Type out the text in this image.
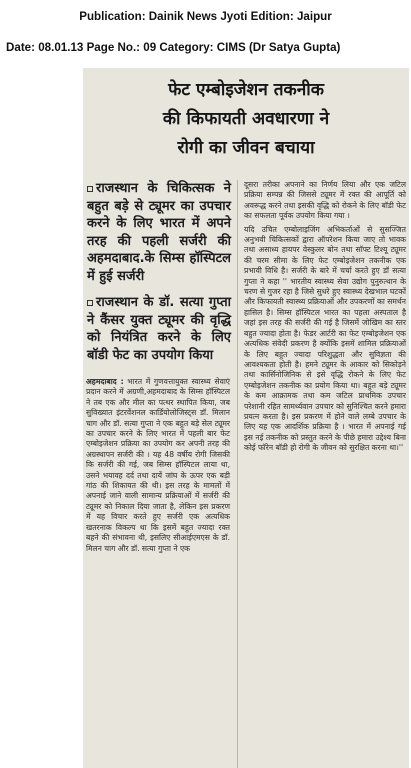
Publication: Dainik News Jyoti Edition: Jaipur
Date: 08.01.13 Page No.: 09 Category: CIMS (Dr Satya Gupta)
फेट एम्बोइजेशन तकनीक
की किफायती अवधारणा ने
रोगी का जीवन बचाया
राजस्थान के चिकित्सक ने बहुत बड़े से ट्यूमर का उपचार करने के लिए भारत में अपने तरह की पहली सर्जरी की अहमदाबाद.के सिम्स हॉस्पिटल में हुई सर्जरी
राजस्थान के डॉ. सत्या गुप्ता ने कैंसर युक्त ट्यूमर की वृद्धि को नियंत्रित करने के लिए बॉडी फेट का उपयोग किया
अहमदाबाद : भारत में गुणवत्तायुक्त स्वास्थ्य सेवाएं प्रदान करने में अग्रणी,अहमदाबाद के सिम्स हॉस्पिटल ने तब एक और मील का पत्थर स्थापित किया, जब सुविख्यात इंटरवेंशनल कार्डियोलोजिस्ट्स डॉ. मिलान चाग और डॉ. सत्या गुप्ता ने एक बहुत बड़े सेल ट्यूमर का उपचार करने के लिए भारत में पहली बार फेट एम्बोइजेशन प्रक्रिया का उपयोग कर अपनी तरह की अग्रस्थापन सर्जरी की । यह 48 वर्षीय रोगी जिसकी कि सर्जरी की गई, जब सिम्स हॉस्पिटल लाया था, उसने भयावह दर्द तथा दायें जांघ के ऊपर एक बड़ी गांठ की शिकायत की थी। इस तरह के मामलों में अपनाई जाने वाली सामान्य प्रक्रियाओं में सर्जरी की ट्यूमर को निकाल दिया जाता है, लेकिन इस प्रकरण में यह विचार करते हुए सर्जरी एक अत्यधिक खतरनाक विकल्प था कि इसमें बहुत ज्यादा रक्त बहने की संभावना थी, इसलिए सीआईएमएस के डॉ. मिलन चाग और डॉ. सत्या गुप्ता ने एक

दूसरा तरीका अपनाने का निर्णय लिया और एक जटिल प्रक्रिया सम्पन्न की जिससे ट्यूमर में रक्त की आपूर्ति को अवरूद्ध करने तथा इसकी वृद्धि को रोकने के लिए बॉडी फेट का सफलता पूर्वक उपयोग किया गया ।

यदि उचित एम्बोलाइजिंग अभिकर्ताओं से सुसज्जित अनुभवी चिकित्सकों द्वारा ऑपरेशन किया जाए तो भावक तथा असाध्य हायपर वेस्कुलर बोन तथा सॉफ्ट टिश्यू ट्यूमर की चरम सीमा के लिए फेट एम्बोइजेशन तकनीक एक प्रभावी विधि है। सर्जरी के बारे में चर्चा करते हुए डॉ सत्या गुप्ता ने कहा '' भारतीय स्वास्थ्य सेवा उद्योग पुनुरुत्थान के चरण से गुजर रहा है जिसे सुधरे हुए स्वास्थ्य देखभाल घटकों और किफायती स्वास्थ्य प्रक्रियाओं और उपकरणों का समर्थन हासिल है। सिम्स हॉस्पिटल भारत का पहला अस्पताल है जहां इस तरह की सर्जरी की गई है जिसमें जोखिम का स्तर बहुत ज्यादा होता है। फेडर आर्टरी का फेट एम्बोइजेशन एक अत्यधिक संवेदी प्रकरण है क्योंकि इसमें शामिल प्रक्रियाओं के लिए बहुत ज्यादा परिशुद्धता और सुविज्ञता की आवश्यकता होती है। हमने ट्यूमर के आकार को सिकोड़ने तथा कार्सिनोजिनिक से इसे वृद्धि रोकने के लिए फेट एम्बोइजेशन तकनीक का प्रयोग किया था। बहुत बड़े ट्यूमर के कम आक्रामक तथा कम जटिल प्राथमिक उपचार परेशानी रहित सामर्थ्यवान उपचार को सुनिश्चित करने हमारा प्रयत्न करता है। इस प्रकरण में होने वाले लम्बे उपचार के लिए यह एक आदर्शिक प्रक्रिया है । भारत में अपनाई गई इस नई तकनीक को प्रस्तुत करने के पीछे हमारा उद्देश्य बिना कोई फॉरेन बॉडी हो रोगी के जीवन को सुरक्षित करना था।''
